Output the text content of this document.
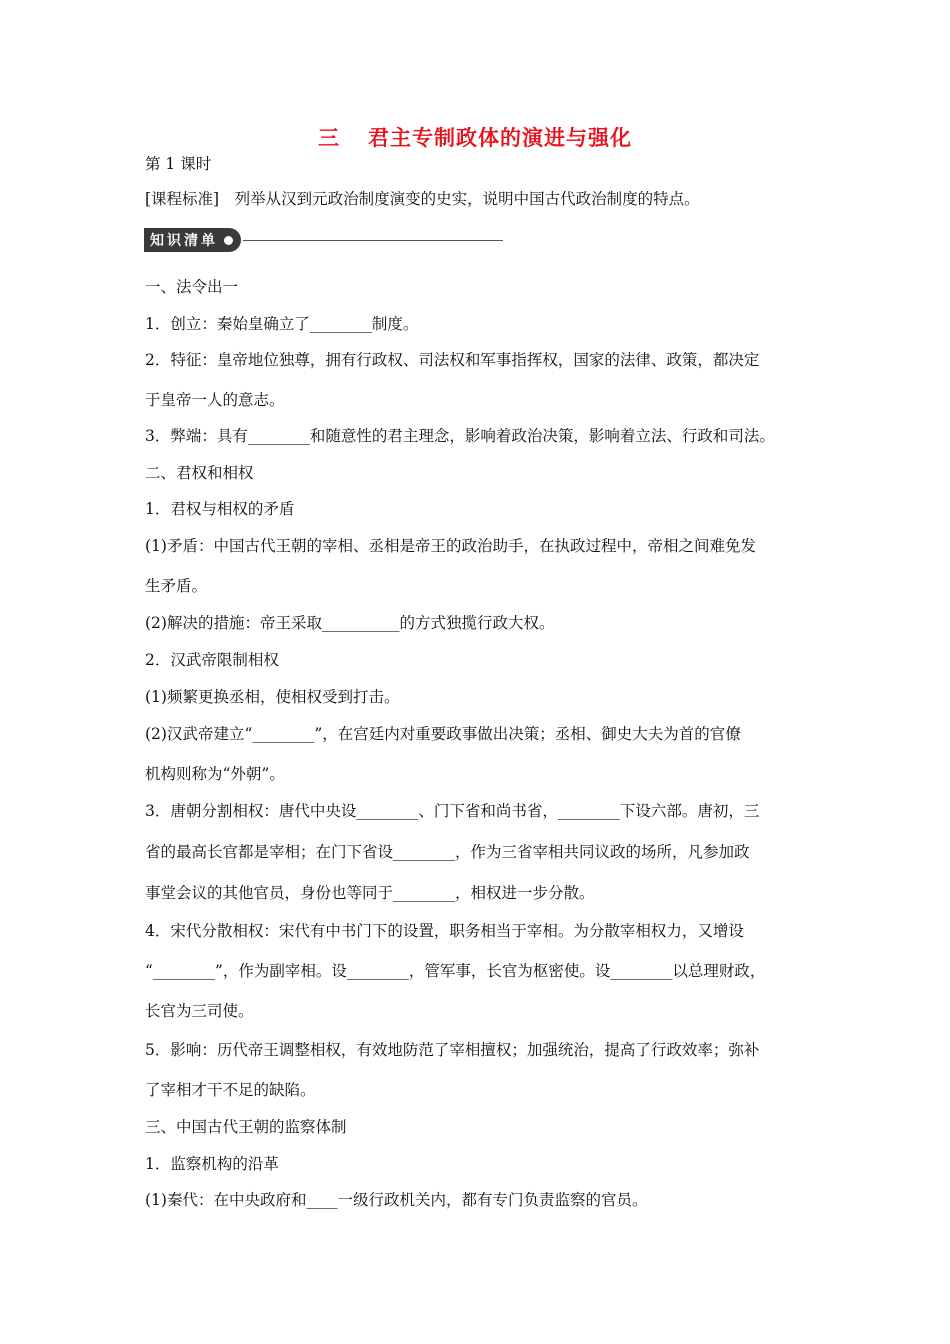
三 君主专制政体的演进与强化
第 1 课时
[课程标准]　列举从汉到元政治制度演变的史实，说明中国古代政治制度的特点。
知识清单
一、法令出一
1．创立：秦始皇确立了________制度。
2．特征：皇帝地位独尊，拥有行政权、司法权和军事指挥权，国家的法律、政策，都决定
于皇帝一人的意志。
3．弊端：具有________和随意性的君主理念，影响着政治决策，影响着立法、行政和司法。
二、君权和相权
1．君权与相权的矛盾
(1)矛盾：中国古代王朝的宰相、丞相是帝王的政治助手，在执政过程中，帝相之间难免发
生矛盾。
(2)解决的措施：帝王采取__________的方式独揽行政大权。
2．汉武帝限制相权
(1)频繁更换丞相，使相权受到打击。
(2)汉武帝建立“________”，在宫廷内对重要政事做出决策；丞相、御史大夫为首的官僚
机构则称为“外朝”。
3．唐朝分割相权：唐代中央设________、门下省和尚书省，________下设六部。唐初，三
省的最高长官都是宰相；在门下省设________，作为三省宰相共同议政的场所，凡参加政
事堂会议的其他官员，身份也等同于________，相权进一步分散。
4．宋代分散相权：宋代有中书门下的设置，职务相当于宰相。为分散宰相权力，又增设
“________”，作为副宰相。设________，管军事，长官为枢密使。设________以总理财政，
长官为三司使。
5．影响：历代帝王调整相权，有效地防范了宰相擅权；加强统治，提高了行政效率；弥补
了宰相才干不足的缺陷。
三、中国古代王朝的监察体制
1．监察机构的沿革
(1)秦代：在中央政府和____一级行政机关内，都有专门负责监察的官员。
